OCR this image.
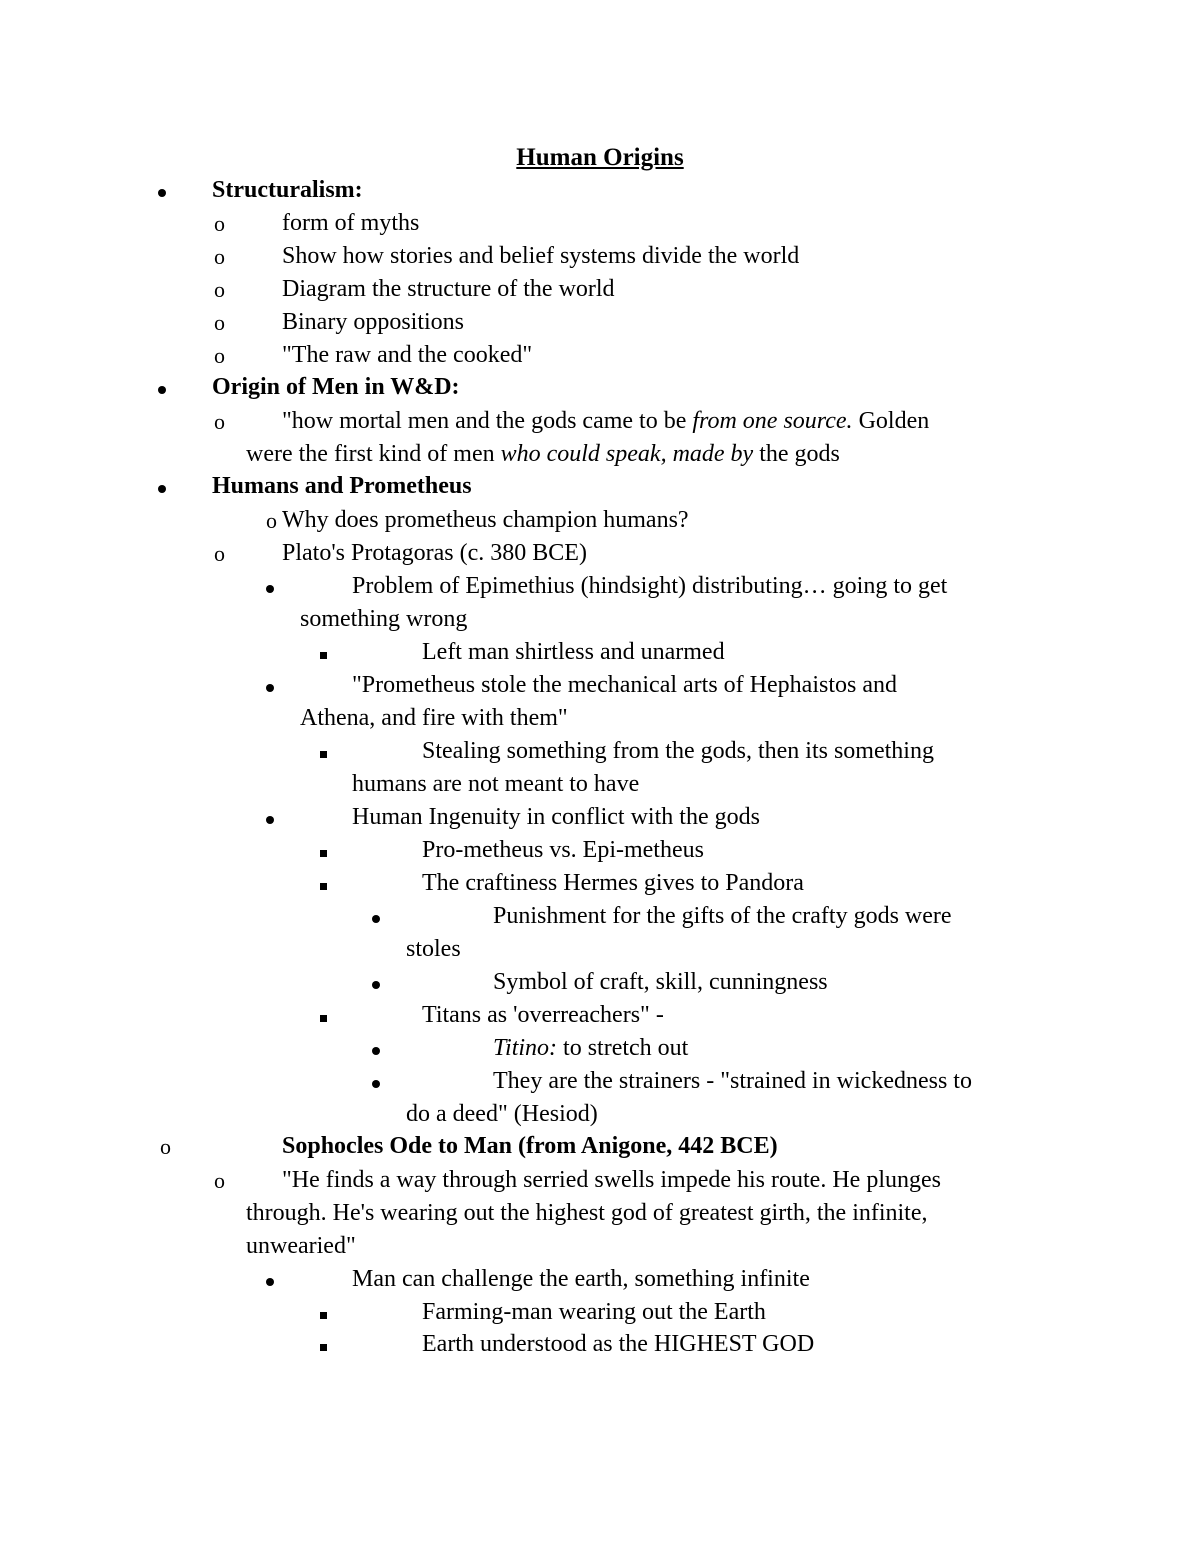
Human Origins
Structuralism:
o form of myths
o Show how stories and belief systems divide the world
o Diagram the structure of the world
o Binary oppositions
o "The raw and the cooked"
Origin of Men in W&D:
o "how mortal men and the gods came to be from one source. Golden
were the first kind of men who could speak, made by the gods
Humans and Prometheus
o Why does prometheus champion humans?
o Plato's Protagoras (c. 380 BCE)
Problem of Epimethius (hindsight) distributing… going to get
something wrong
Left man shirtless and unarmed
"Prometheus stole the mechanical arts of Hephaistos and
Athena, and fire with them"
Stealing something from the gods, then its something
humans are not meant to have
Human Ingenuity in conflict with the gods
Pro-metheus vs. Epi-metheus
The craftiness Hermes gives to Pandora
Punishment for the gifts of the crafty gods were
stoles
Symbol of craft, skill, cunningness
Titans as 'overreachers" -
Titino: to stretch out
They are the strainers - "strained in wickedness to
do a deed" (Hesiod)
o	Sophocles Ode to Man (from Anigone, 442 BCE)
o "He finds a way through serried swells impede his route. He plunges
through. He's wearing out the highest god of greatest girth, the infinite,
unwearied"
Man can challenge the earth, something infinite
Farming-man wearing out the Earth
Earth understood as the HIGHEST GOD
